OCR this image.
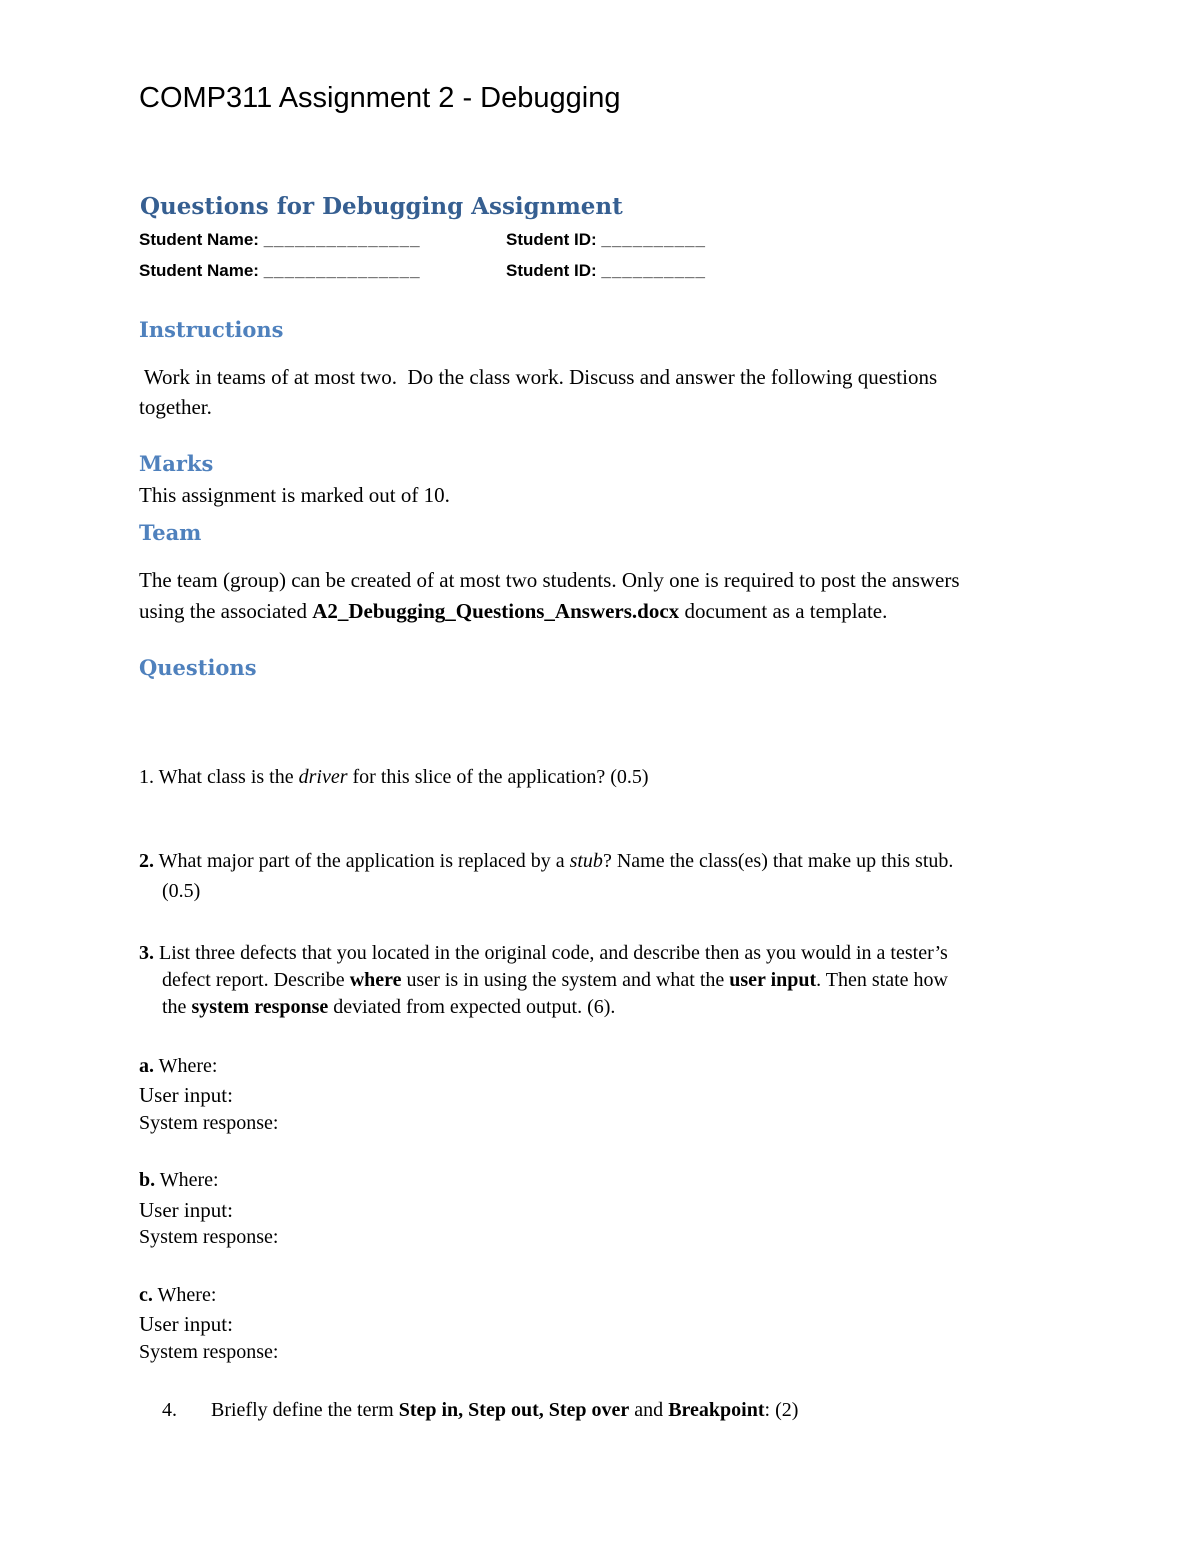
COMP311 Assignment 2 - Debugging
Questions for Debugging Assignment
Student Name: _______________	Student ID: __________
Student Name: _______________	Student ID: __________
Instructions
Work in teams of at most two.  Do the class work. Discuss and answer the following questions
together.
Marks
This assignment is marked out of 10.
Team
The team (group) can be created of at most two students. Only one is required to post the answers
using the associated A2_Debugging_Questions_Answers.docx document as a template.
Questions
1. What class is the driver for this slice of the application? (0.5)
2. What major part of the application is replaced by a stub? Name the class(es) that make up this stub.
(0.5)
3. List three defects that you located in the original code, and describe then as you would in a tester’s
defect report. Describe where user is in using the system and what the user input. Then state how
the system response deviated from expected output. (6).
a. Where:
User input:
System response:
b. Where:
User input:
System response:
c. Where:
User input:
System response:
4. Briefly define the term Step in, Step out, Step over and Breakpoint: (2)
